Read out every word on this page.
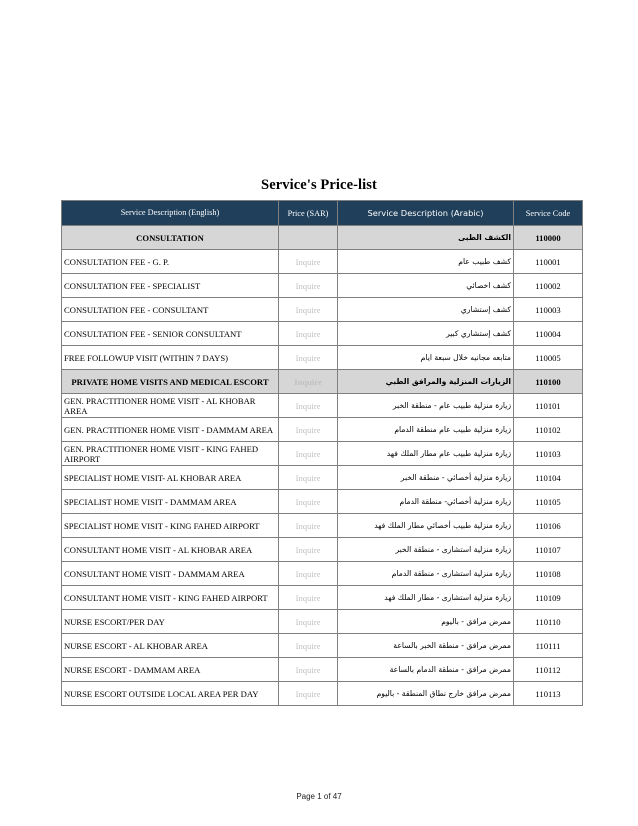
Service's Price-list
Service Description (English)	Price (SAR)	Service Description (Arabic)	Service Code
CONSULTATION		الكشف الطبى	110000
CONSULTATION FEE - G. P.	Inquire	كشف طبيب عام	110001
CONSULTATION FEE - SPECIALIST	Inquire	كشف اخصائي	110002
CONSULTATION FEE - CONSULTANT	Inquire	كشف إستشاري	110003
CONSULTATION FEE - SENIOR CONSULTANT	Inquire	كشف إستشاري كبير	110004
FREE FOLLOWUP VISIT (WITHIN 7 DAYS)	Inquire	متابعه مجانيه خلال سبعة ايام	110005
PRIVATE HOME VISITS AND MEDICAL ESCORT	Inquire	الزيارات المنزلية والمرافق الطبي	110100
GEN. PRACTITIONER HOME VISIT - AL KHOBAR AREA	Inquire	زيارة منزلية طبيب عام - منطقة الخبر	110101
GEN. PRACTITIONER HOME VISIT - DAMMAM AREA	Inquire	زيارة منزلية طبيب عام منطقة الدمام	110102
GEN. PRACTITIONER HOME VISIT - KING FAHED AIRPORT	Inquire	زيارة منزلية طبيب عام مطار الملك فهد	110103
SPECIALIST HOME VISIT- AL KHOBAR AREA	Inquire	زيارة منزلية أخصائي - منطقة الخبر	110104
SPECIALIST HOME VISIT - DAMMAM AREA	Inquire	زيارة منزلية أخصائي- منطقة الدمام	110105
SPECIALIST HOME VISIT - KING FAHED AIRPORT	Inquire	زيارة منزلية طبيب أخصائي مطار الملك فهد	110106
CONSULTANT HOME VISIT - AL KHOBAR AREA	Inquire	زيارة منزلية استشارى - منطقة الخبر	110107
CONSULTANT HOME VISIT - DAMMAM AREA	Inquire	زيارة منزلية استشارى - منطقة الدمام	110108
CONSULTANT HOME VISIT - KING FAHED AIRPORT	Inquire	زيارة منزلية استشارى - مطار الملك فهد	110109
NURSE ESCORT/PER DAY	Inquire	ممرض مرافق - باليوم	110110
NURSE ESCORT - AL KHOBAR AREA	Inquire	ممرض مرافق - منطقة الخبر بالساعة	110111
NURSE ESCORT - DAMMAM AREA	Inquire	ممرض مرافق - منطقة الدمام بالساعة	110112
NURSE ESCORT OUTSIDE LOCAL AREA PER DAY	Inquire	ممرض مرافق خارج نطاق المنطقة - باليوم	110113
Page 1 of 47
